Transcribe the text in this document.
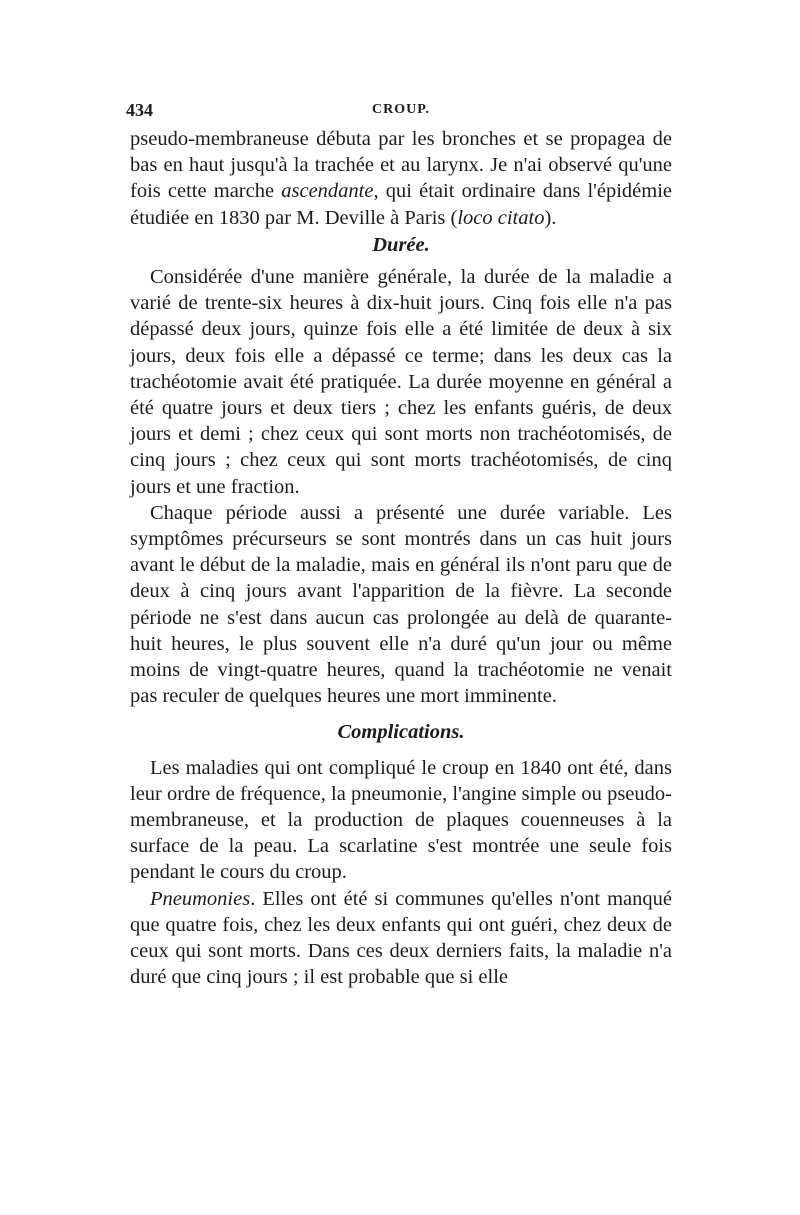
434	CROUP.

pseudo-membraneuse débuta par les bronches et se propagea de bas en haut jusqu'à la trachée et au larynx. Je n'ai observé qu'une fois cette marche ascendante, qui était ordinaire dans l'épidémie étudiée en 1830 par M. Deville à Paris (loco citato).

Durée.

Considérée d'une manière générale, la durée de la maladie a varié de trente-six heures à dix-huit jours. Cinq fois elle n'a pas dépassé deux jours, quinze fois elle a été limitée de deux à six jours, deux fois elle a dépassé ce terme; dans les deux cas la trachéotomie avait été pratiquée. La durée moyenne en général a été quatre jours et deux tiers ; chez les enfants guéris, de deux jours et demi ; chez ceux qui sont morts non trachéotomisés, de cinq jours ; chez ceux qui sont morts trachéotomisés, de cinq jours et une fraction.

Chaque période aussi a présenté une durée variable. Les symptômes précurseurs se sont montrés dans un cas huit jours avant le début de la maladie, mais en général ils n'ont paru que de deux à cinq jours avant l'apparition de la fièvre. La seconde période ne s'est dans aucun cas prolongée au delà de quarante-huit heures, le plus souvent elle n'a duré qu'un jour ou même moins de vingt-quatre heures, quand la trachéotomie ne venait pas reculer de quelques heures une mort imminente.

Complications.

Les maladies qui ont compliqué le croup en 1840 ont été, dans leur ordre de fréquence, la pneumonie, l'angine simple ou pseudo-membraneuse, et la production de plaques couenneuses à la surface de la peau. La scarlatine s'est montrée une seule fois pendant le cours du croup.

Pneumonies. Elles ont été si communes qu'elles n'ont manqué que quatre fois, chez les deux enfants qui ont guéri, chez deux de ceux qui sont morts. Dans ces deux derniers faits, la maladie n'a duré que cinq jours ; il est probable que si elle
